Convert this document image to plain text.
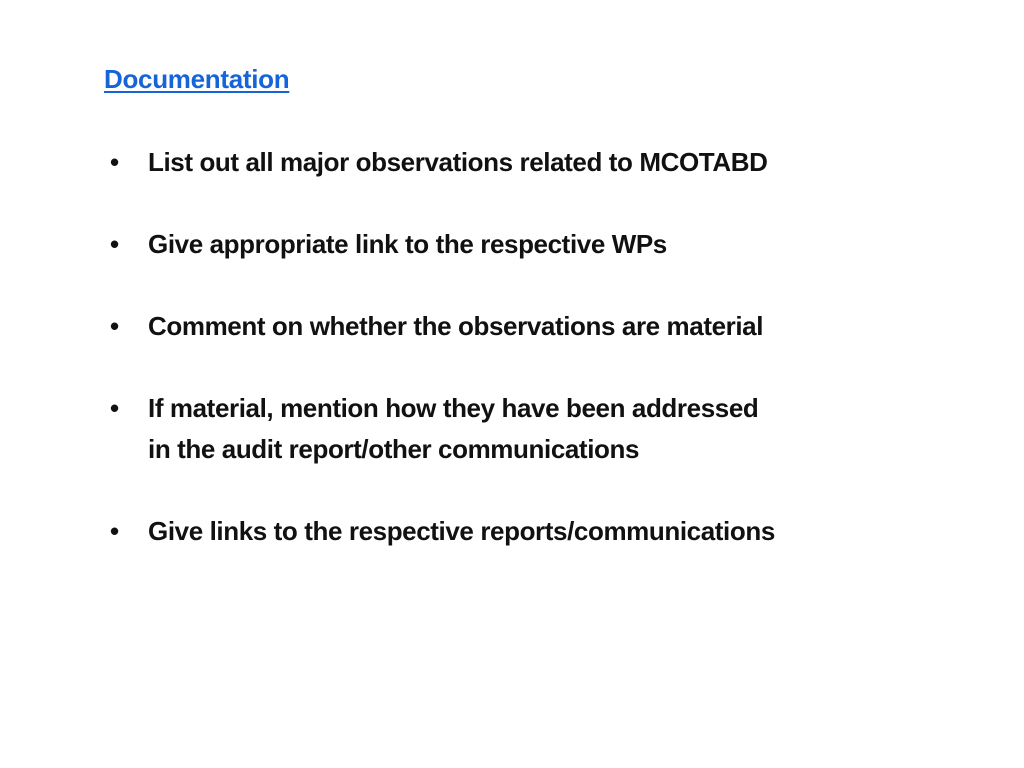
Documentation
• List out all major observations related to MCOTABD
• Give appropriate link to the respective WPs
• Comment on whether the observations are material
• If material, mention how they have been addressed
in the audit report/other communications
• Give links to the respective reports/communications
